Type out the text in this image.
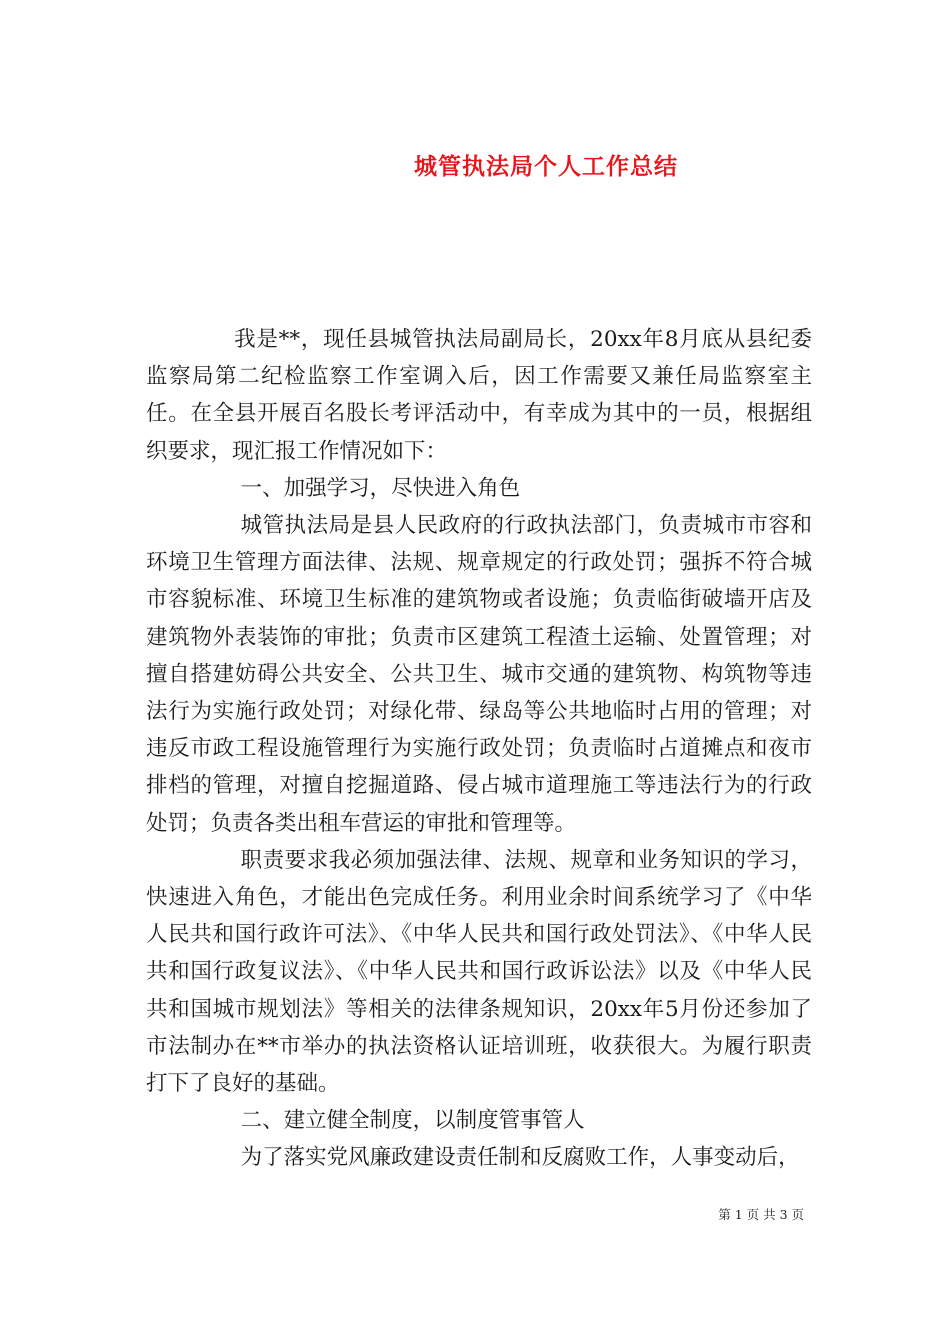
城管执法局个人工作总结

我是**，现任县城管执法局副局长，20xx年8月底从县纪委监察局第二纪检监察工作室调入后，因工作需要又兼任局监察室主任。在全县开展百名股长考评活动中，有幸成为其中的一员，根据组织要求，现汇报工作情况如下：

一、加强学习，尽快进入角色

城管执法局是县人民政府的行政执法部门，负责城市市容和环境卫生管理方面法律、法规、规章规定的行政处罚；强拆不符合城市容貌标准、环境卫生标准的建筑物或者设施；负责临街破墙开店及建筑物外表装饰的审批；负责市区建筑工程渣土运输、处置管理；对擅自搭建妨碍公共安全、公共卫生、城市交通的建筑物、构筑物等违法行为实施行政处罚；对绿化带、绿岛等公共地临时占用的管理；对违反市政工程设施管理行为实施行政处罚；负责临时占道摊点和夜市排档的管理，对擅自挖掘道路、侵占城市道理施工等违法行为的行政处罚；负责各类出租车营运的审批和管理等。

职责要求我必须加强法律、法规、规章和业务知识的学习，快速进入角色，才能出色完成任务。利用业余时间系统学习了《中华人民共和国行政许可法》、《中华人民共和国行政处罚法》、《中华人民共和国行政复议法》、《中华人民共和国行政诉讼法》以及《中华人民共和国城市规划法》等相关的法律条规知识，20xx年5月份还参加了市法制办在**市举办的执法资格认证培训班，收获很大。为履行职责打下了良好的基础。

二、建立健全制度，以制度管事管人

为了落实党风廉政建设责任制和反腐败工作，人事变动后，

第 1 页 共 3 页
